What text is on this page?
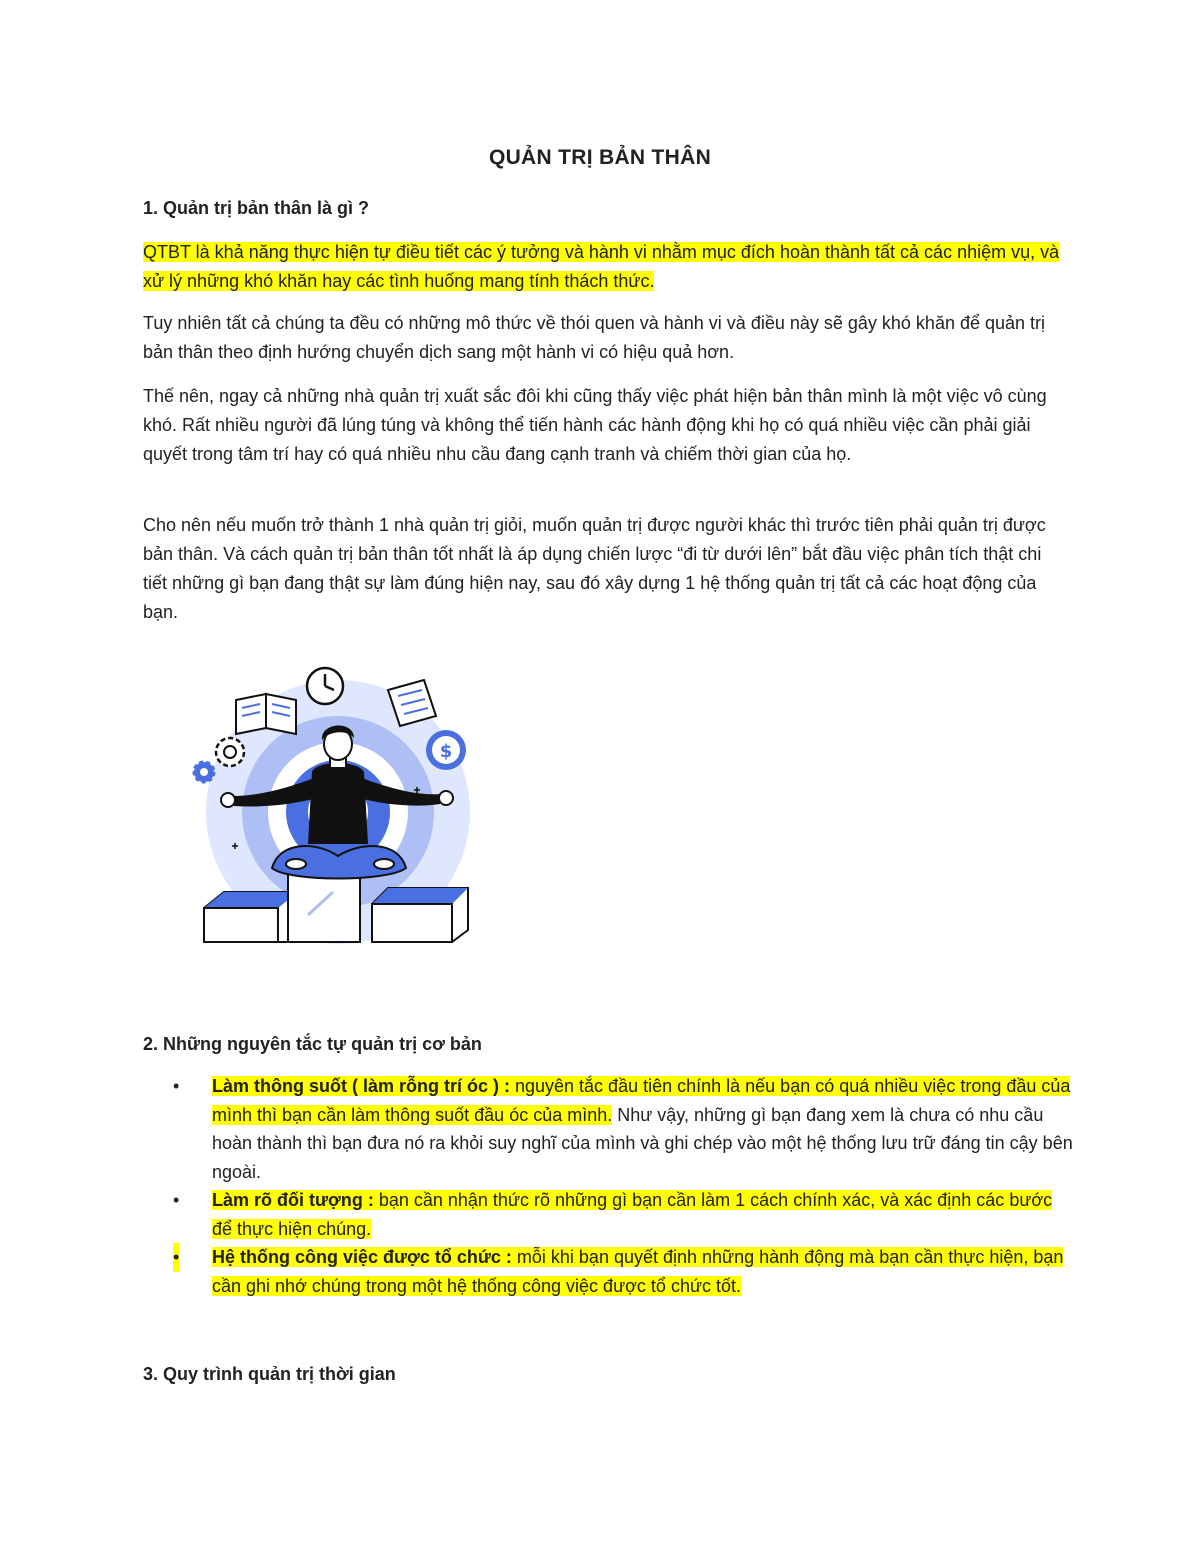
QUẢN TRỊ BẢN THÂN
1. Quản trị bản thân là gì ?
QTBT là khả năng thực hiện tự điều tiết các ý tưởng và hành vi nhằm mục đích hoàn thành tất cả các nhiệm vụ, và xử lý những khó khăn hay các tình huống mang tính thách thức.
Tuy nhiên tất cả chúng ta đều có những mô thức về thói quen và hành vi và điều này sẽ gây khó khăn để quản trị bản thân theo định hướng chuyển dịch sang một hành vi có hiệu quả hơn.
Thế nên, ngay cả những nhà quản trị xuất sắc đôi khi cũng thấy việc phát hiện bản thân mình là một việc vô cùng khó. Rất nhiều người đã lúng túng và không thể tiến hành các hành động khi họ có quá nhiều việc cần phải giải quyết trong tâm trí hay có quá nhiều nhu cầu đang cạnh tranh và chiếm thời gian của họ.
Cho nên nếu muốn trở thành 1 nhà quản trị giỏi, muốn quản trị được người khác thì trước tiên phải quản trị được bản thân. Và cách quản trị bản thân tốt nhất là áp dụng chiến lược “đi từ dưới lên” bắt đầu việc phân tích thật chi tiết những gì bạn đang thật sự làm đúng hiện nay, sau đó xây dựng 1 hệ thống quản trị tất cả các hoạt động của bạn.
$
2. Những nguyên tắc tự quản trị cơ bản
• Làm thông suốt ( làm rỗng trí óc ) : nguyên tắc đầu tiên chính là nếu bạn có quá nhiều việc trong đầu của mình thì bạn cần làm thông suốt đầu óc của mình. Như vậy, những gì bạn đang xem là chưa có nhu cầu hoàn thành thì bạn đưa nó ra khỏi suy nghĩ của mình và ghi chép vào một hệ thống lưu trữ đáng tin cậy bên ngoài.
• Làm rõ đối tượng : bạn cần nhận thức rõ những gì bạn cần làm 1 cách chính xác, và xác định các bước để thực hiện chúng.
• Hệ thống công việc được tổ chức : mỗi khi bạn quyết định những hành động mà bạn cần thực hiện, bạn cần ghi nhớ chúng trong một hệ thống công việc được tổ chức tốt.
3. Quy trình quản trị thời gian
